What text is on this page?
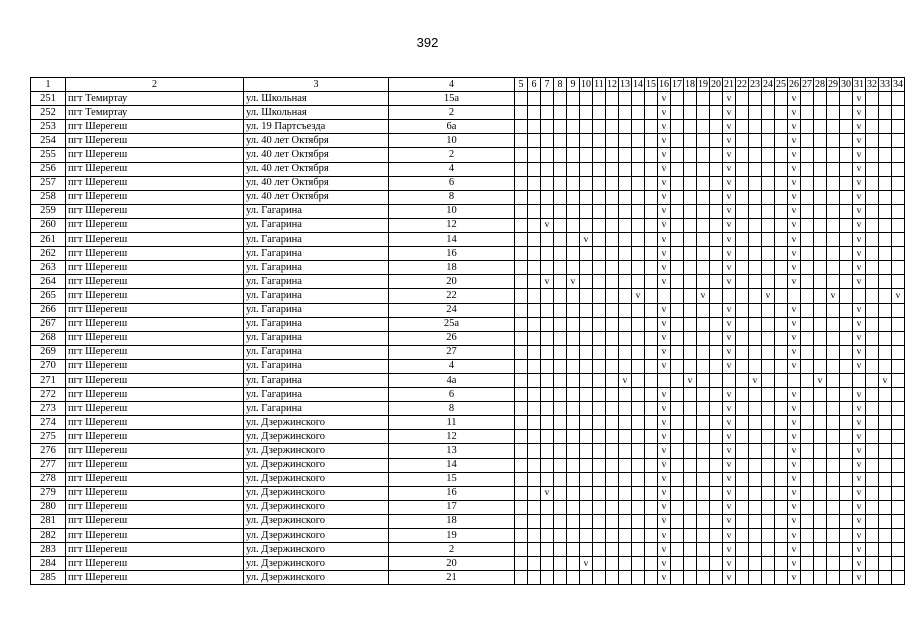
392
1	2	3	4	5	6	7	8	9	10	11	12	13	14	15	16	17	18	19	20	21	22	23	24	25	26	27	28	29	30	31	32	33	34
251	пгт Темиртау	ул. Школьная	15а												v					v					v					v			
252	пгт Темиртау	ул. Школьная	2												v					v					v					v			
253	пгт Шерегеш	ул. 19 Партсъезда	6а												v					v					v					v			
254	пгт Шерегеш	ул. 40 лет Октября	10												v					v					v					v			
255	пгт Шерегеш	ул. 40 лет Октября	2												v					v					v					v			
256	пгт Шерегеш	ул. 40 лет Октября	4												v					v					v					v			
257	пгт Шерегеш	ул. 40 лет Октября	6												v					v					v					v			
258	пгт Шерегеш	ул. 40 лет Октября	8												v					v					v					v			
259	пгт Шерегеш	ул. Гагарина	10												v					v					v					v			
260	пгт Шерегеш	ул. Гагарина	12			v									v					v					v					v			
261	пгт Шерегеш	ул. Гагарина	14						v						v					v					v					v			
262	пгт Шерегеш	ул. Гагарина	16												v					v					v					v			
263	пгт Шерегеш	ул. Гагарина	18												v					v					v					v			
264	пгт Шерегеш	ул. Гагарина	20			v		v							v					v					v					v			
265	пгт Шерегеш	ул. Гагарина	22										v					v					v					v					v
266	пгт Шерегеш	ул. Гагарина	24												v					v					v					v			
267	пгт Шерегеш	ул. Гагарина	25а												v					v					v					v			
268	пгт Шерегеш	ул. Гагарина	26												v					v					v					v			
269	пгт Шерегеш	ул. Гагарина	27												v					v					v					v			
270	пгт Шерегеш	ул. Гагарина	4												v					v					v					v			
271	пгт Шерегеш	ул. Гагарина	4а									v					v					v					v					v	
272	пгт Шерегеш	ул. Гагарина	6												v					v					v					v			
273	пгт Шерегеш	ул. Гагарина	8												v					v					v					v			
274	пгт Шерегеш	ул. Дзержинского	11												v					v					v					v			
275	пгт Шерегеш	ул. Дзержинского	12												v					v					v					v			
276	пгт Шерегеш	ул. Дзержинского	13												v					v					v					v			
277	пгт Шерегеш	ул. Дзержинского	14												v					v					v					v			
278	пгт Шерегеш	ул. Дзержинского	15												v					v					v					v			
279	пгт Шерегеш	ул. Дзержинского	16			v									v					v					v					v			
280	пгт Шерегеш	ул. Дзержинского	17												v					v					v					v			
281	пгт Шерегеш	ул. Дзержинского	18												v					v					v					v			
282	пгт Шерегеш	ул. Дзержинского	19												v					v					v					v			
283	пгт Шерегеш	ул. Дзержинского	2												v					v					v					v			
284	пгт Шерегеш	ул. Дзержинского	20						v						v					v					v					v			
285	пгт Шерегеш	ул. Дзержинского	21												v					v					v					v			
